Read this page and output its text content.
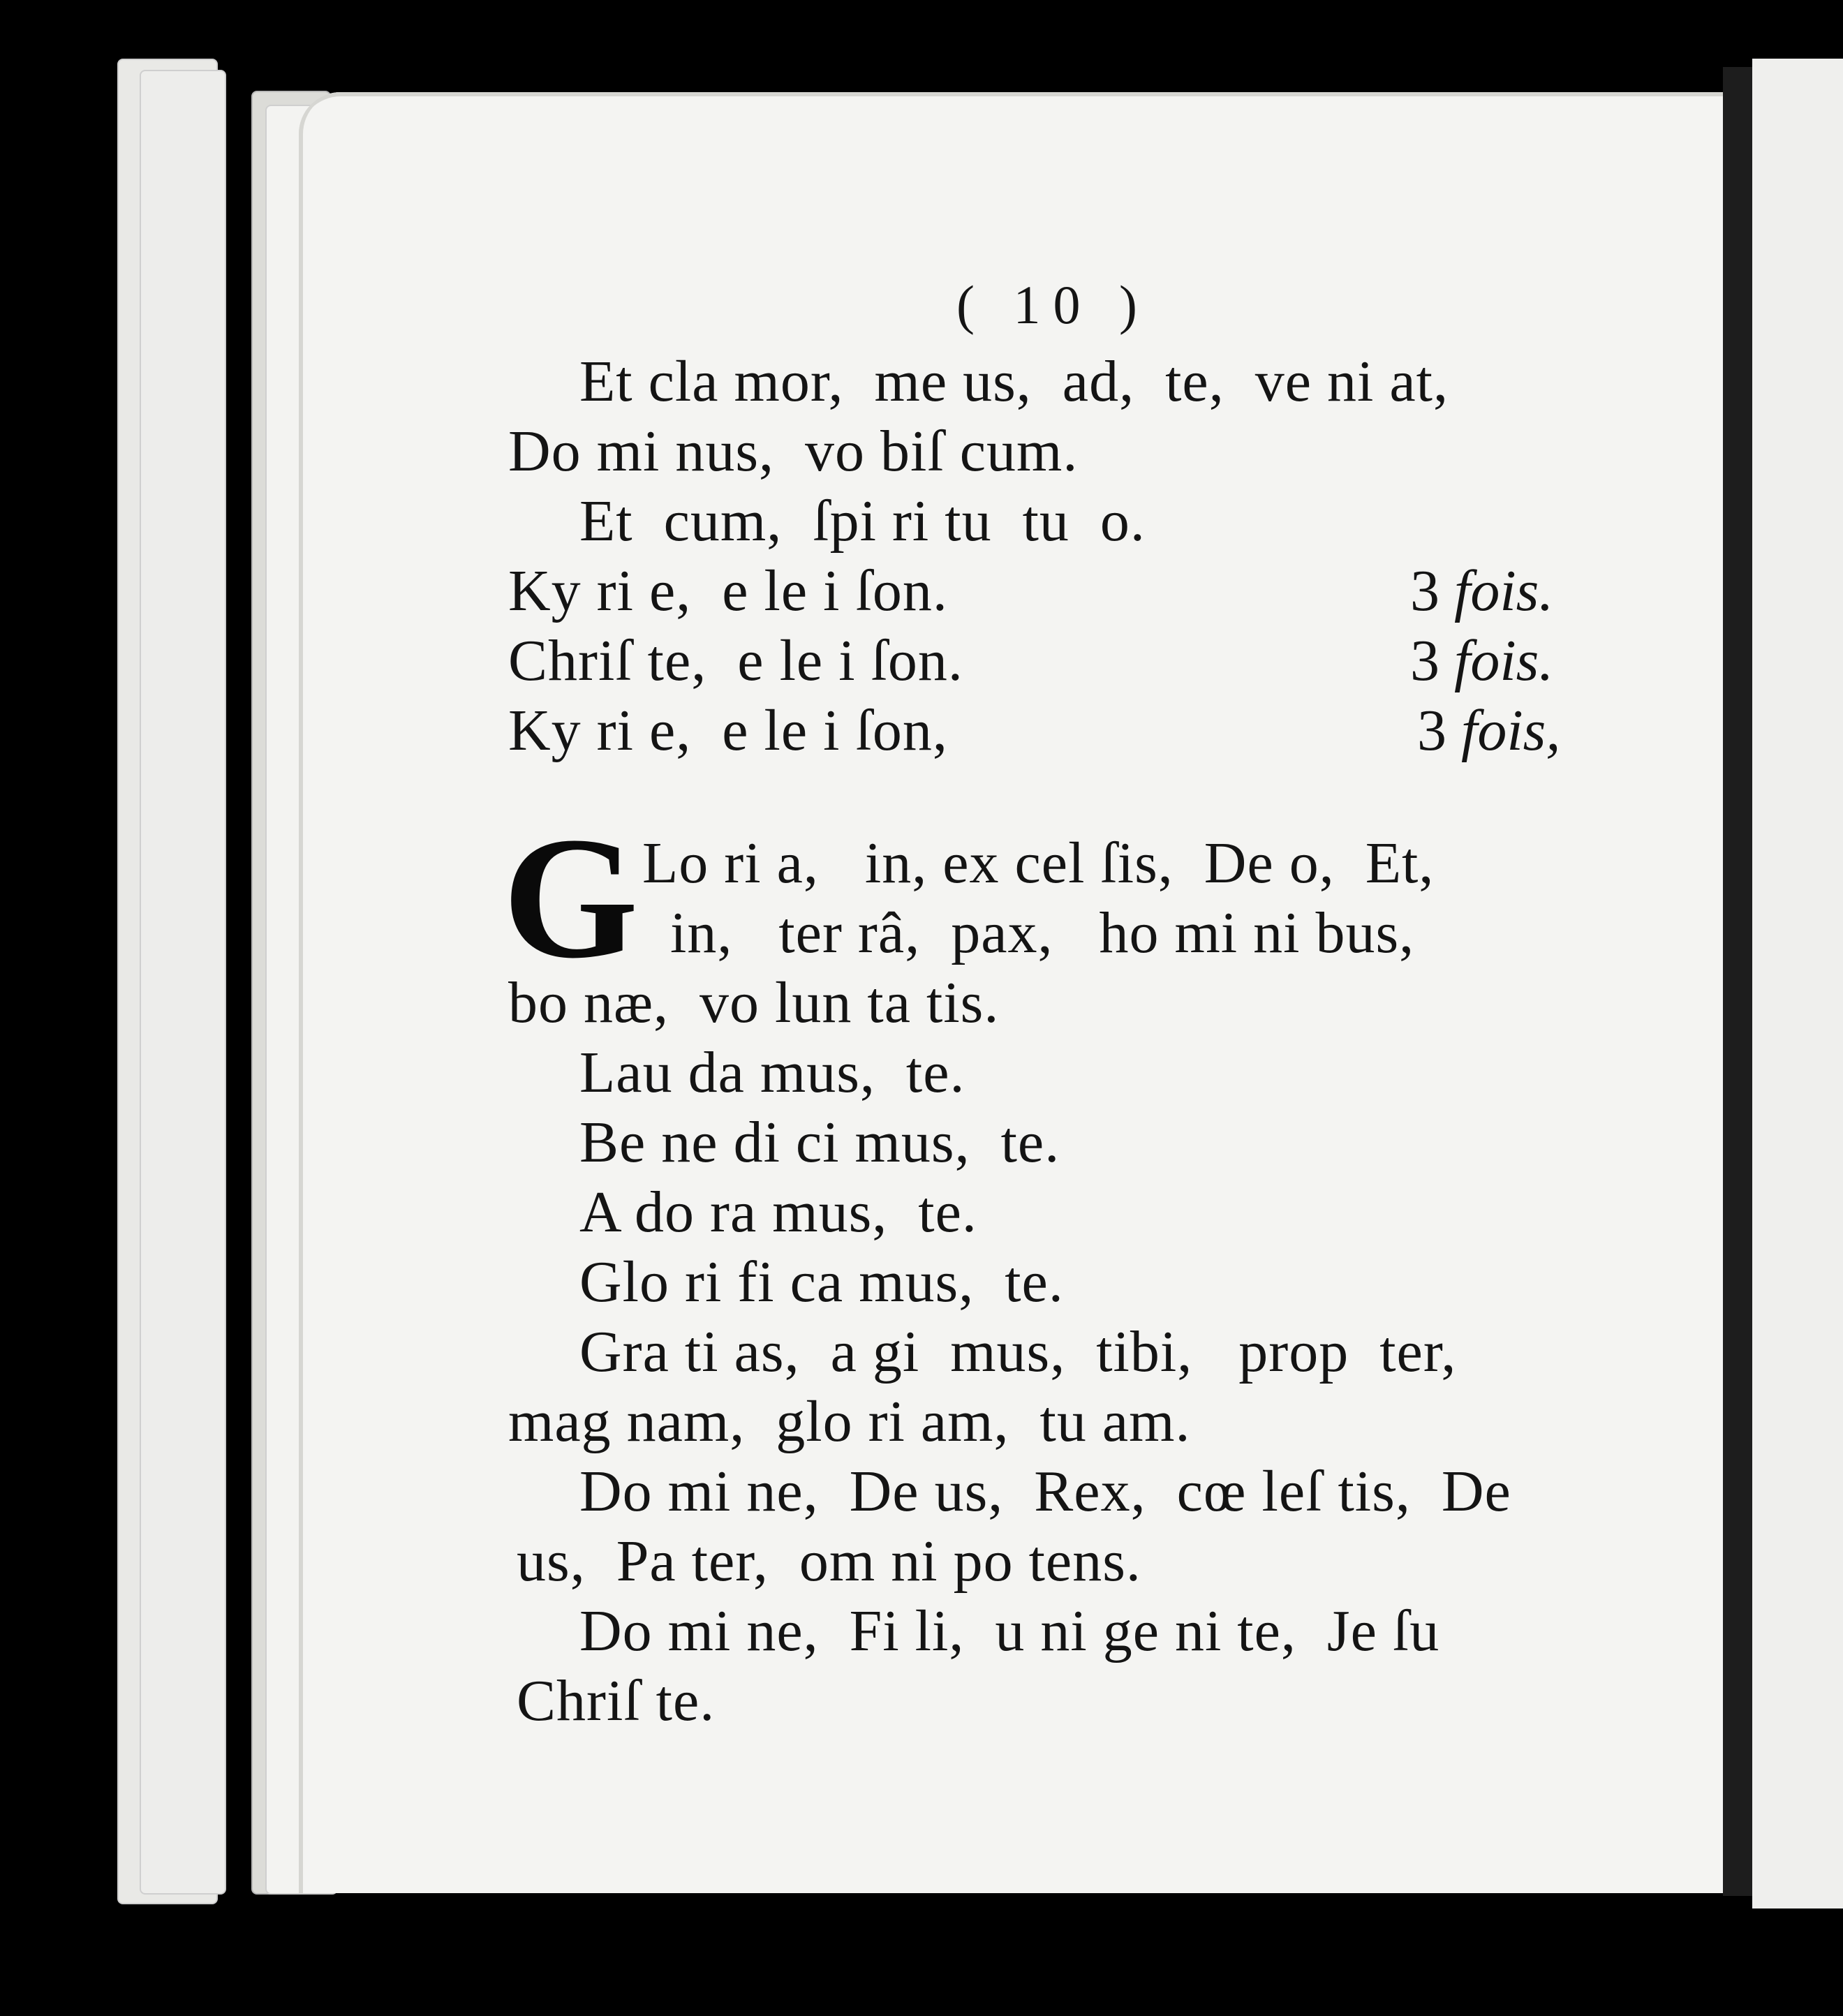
( 10 )
Et cla mor,  me us,  ad,  te,  ve ni at,
Do mi nus,  vo biſ cum.
Et  cum,  ſpi ri tu  tu  o.
Ky ri e,  e le i ſon.
Chriſ te,  e le i ſon.
Ky ri e,  e le i ſon,
3 fois.
3 fois.
3 fois,
G Lo ri a,   in, ex cel ſis,  De o,  Et,
in,   ter râ,  pax,   ho mi ni bus,
bo næ,  vo lun ta tis.
Lau da mus,  te.
Be ne di ci mus,  te.
A do ra mus,  te.
Glo ri fi ca mus,  te.
Gra ti as,  a gi  mus,  tibi,   prop  ter,
mag nam,  glo ri am,  tu am.
Do mi ne,  De us,  Rex,  cœ leſ tis,  De
us,  Pa ter,  om ni po tens.
Do mi ne,  Fi li,  u ni ge ni te,  Je ſu
Chriſ te.
